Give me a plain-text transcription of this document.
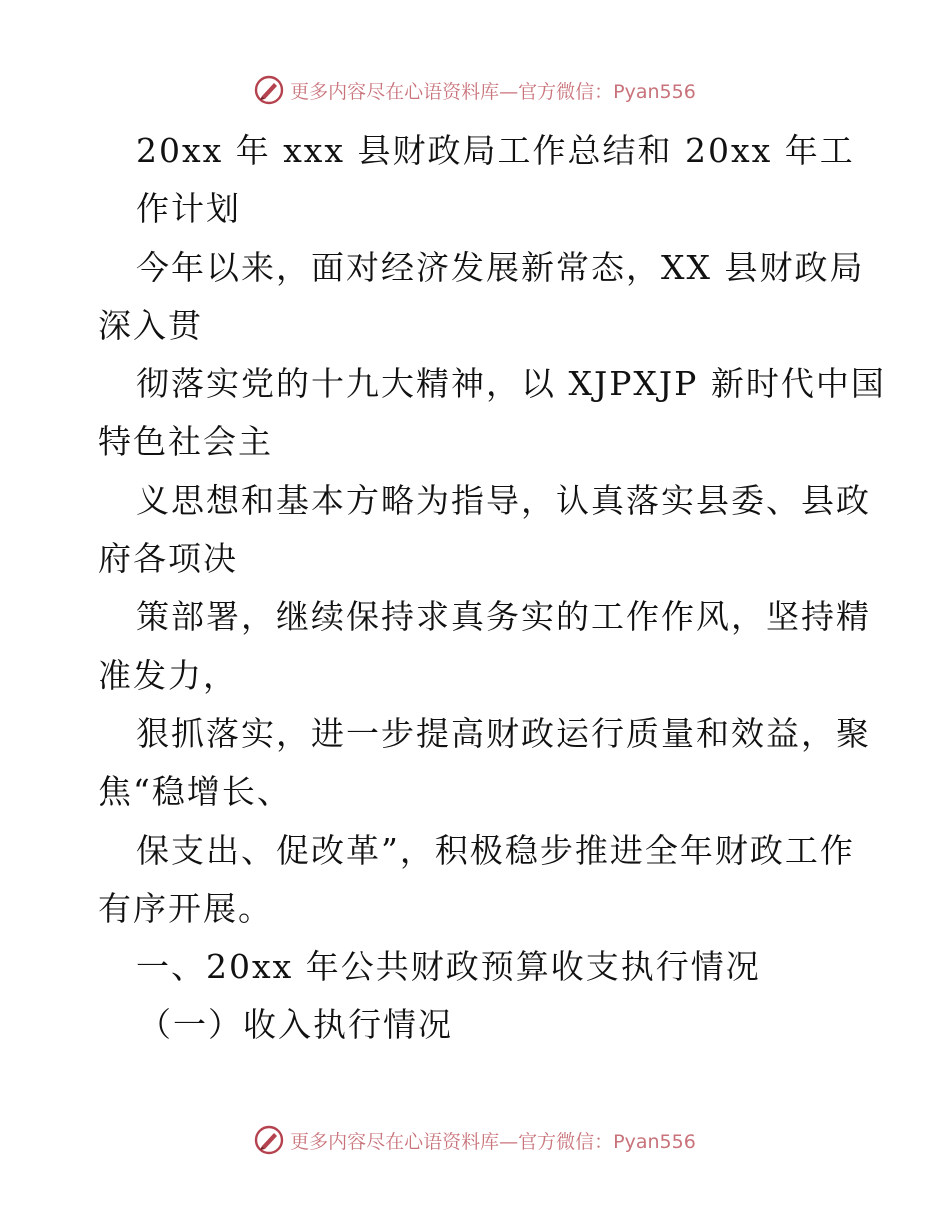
更多内容尽在心语资料库—官方微信：Pyan556
20xx 年 xxx 县财政局工作总结和 20xx 年工
作计划
今年以来，面对经济发展新常态，XX 县财政局
深入贯
彻落实党的十九大精神，以 XJPXJP 新时代中国
特色社会主
义思想和基本方略为指导，认真落实县委、县政
府各项决
策部署，继续保持求真务实的工作作风，坚持精
准发力，
狠抓落实，进一步提高财政运行质量和效益，聚
焦“稳增长、
保支出、促改革”，积极稳步推进全年财政工作
有序开展。
一、20xx 年公共财政预算收支执行情况
（一）收入执行情况
更多内容尽在心语资料库—官方微信：Pyan556
